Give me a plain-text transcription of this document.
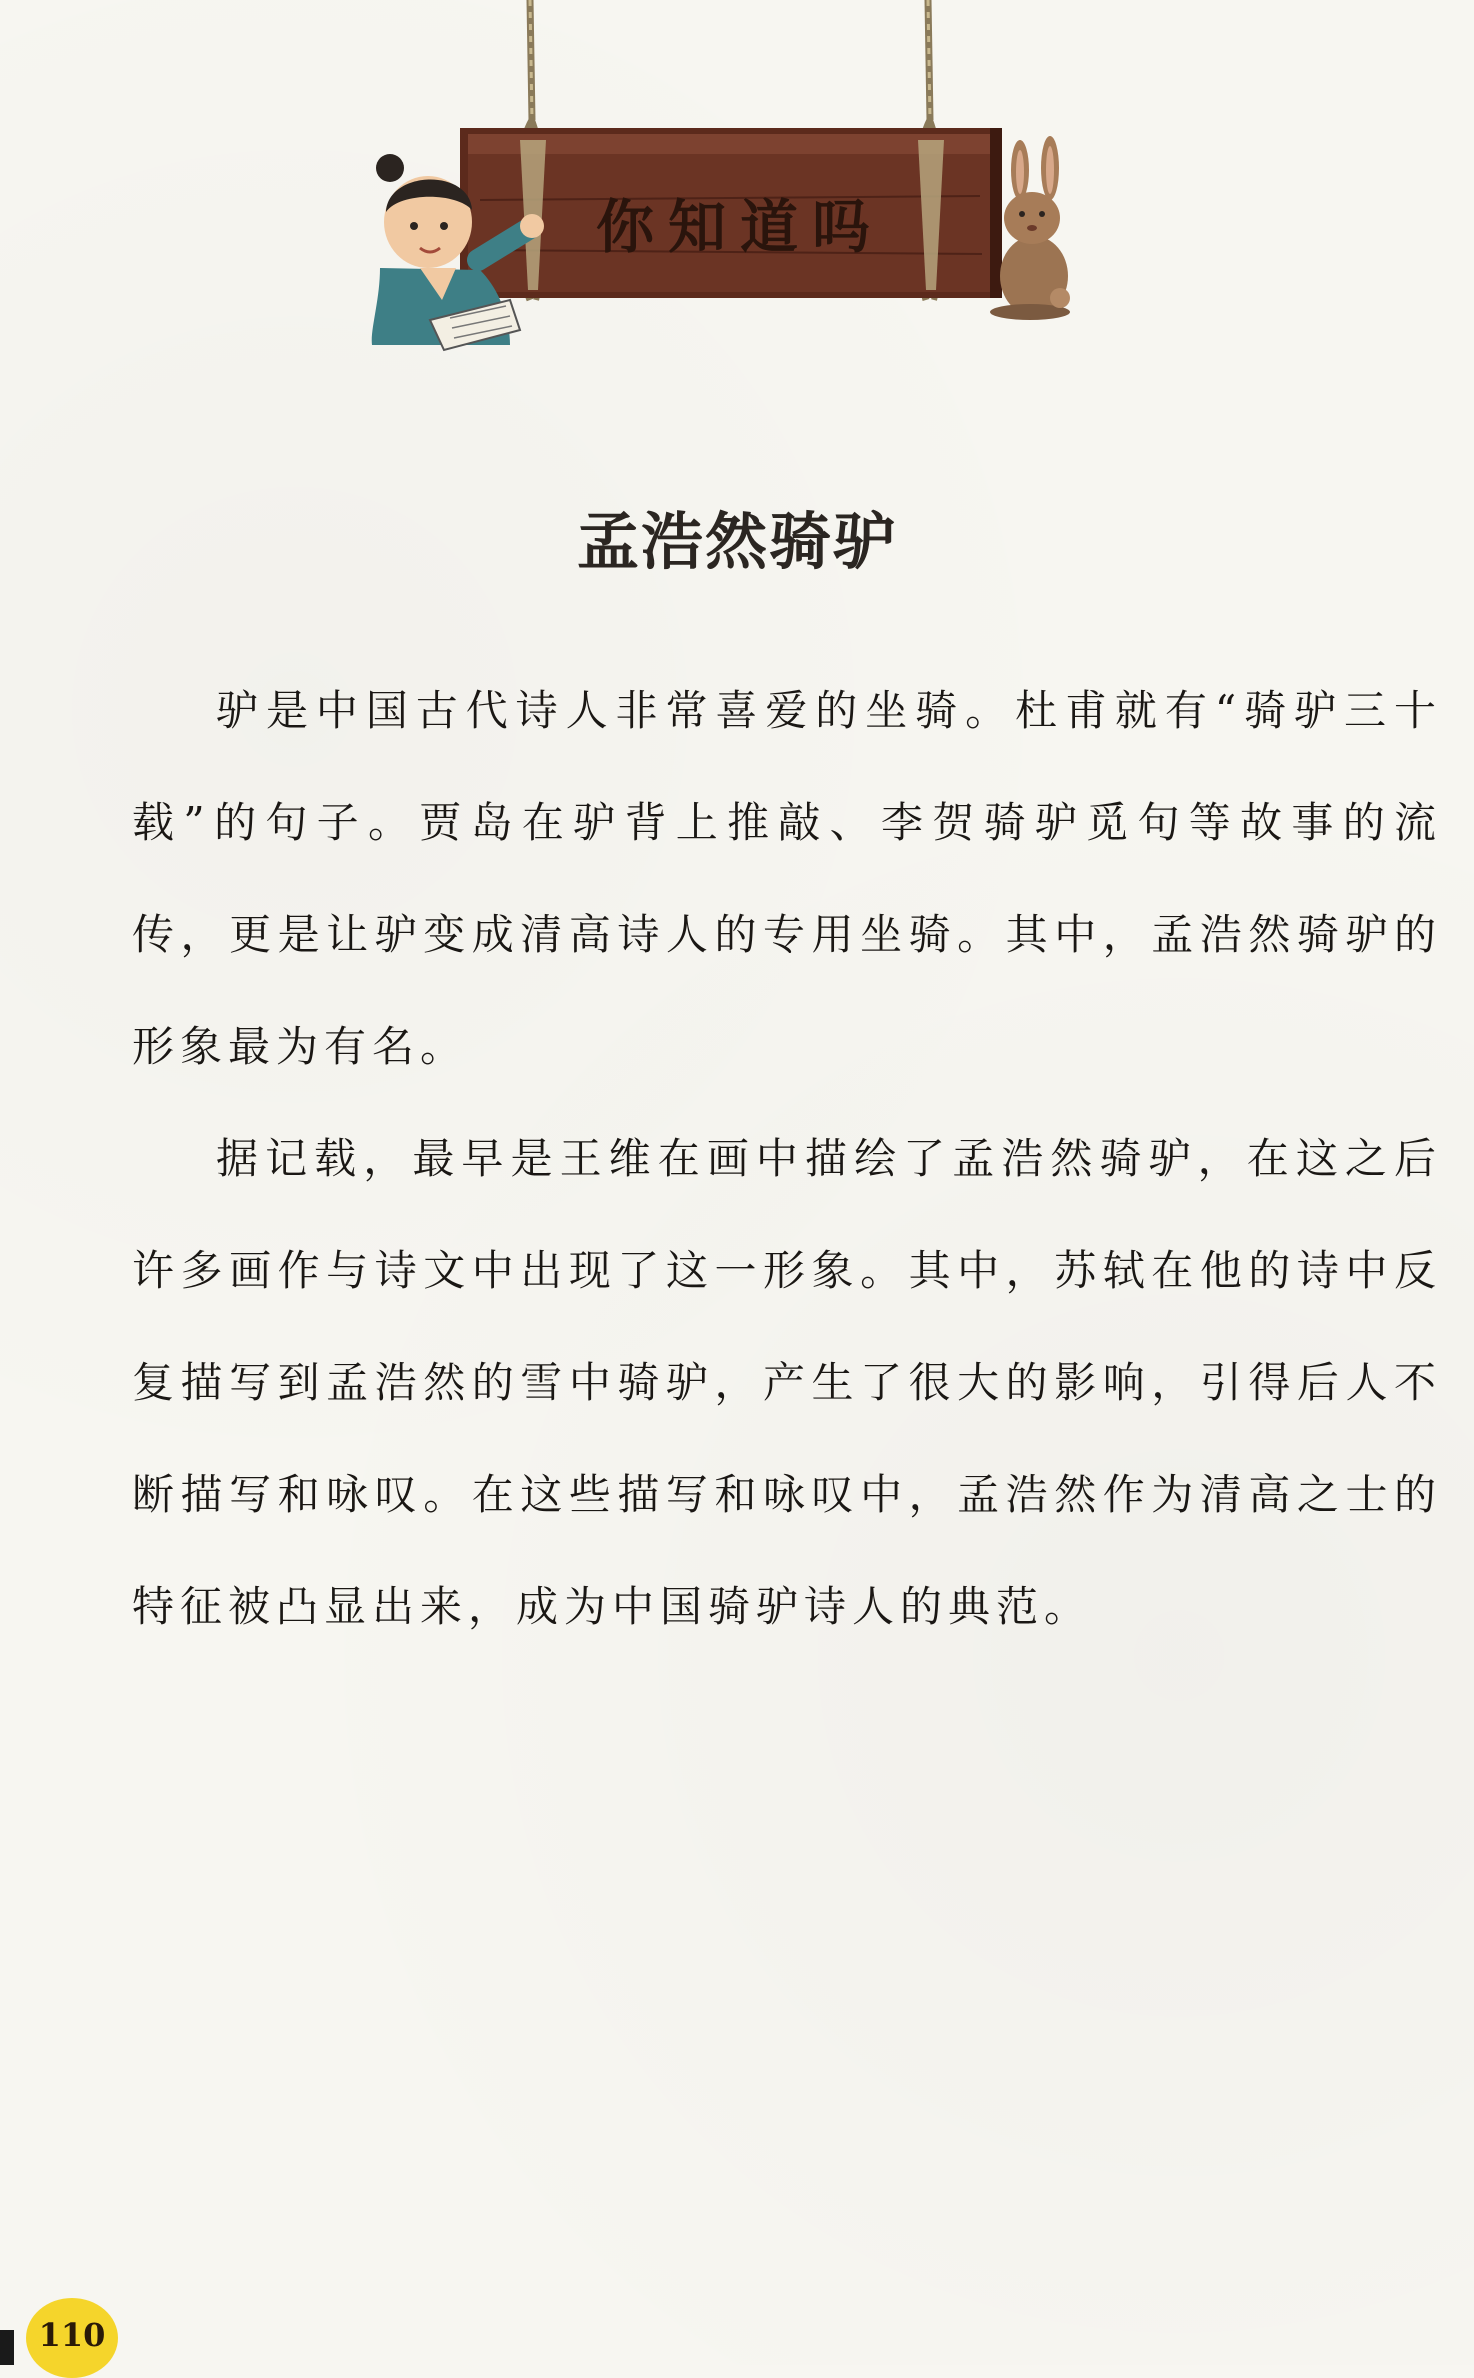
你知道吗
孟浩然骑驴

驴是中国古代诗人非常喜爱的坐骑。杜甫就有“骑驴三十载”的句子。贾岛在驴背上推敲、李贺骑驴觅句等故事的流传，更是让驴变成清高诗人的专用坐骑。其中，孟浩然骑驴的形象最为有名。

据记载，最早是王维在画中描绘了孟浩然骑驴，在这之后许多画作与诗文中出现了这一形象。其中，苏轼在他的诗中反复描写到孟浩然的雪中骑驴，产生了很大的影响，引得后人不断描写和咏叹。在这些描写和咏叹中，孟浩然作为清高之士的特征被凸显出来，成为中国骑驴诗人的典范。

110
